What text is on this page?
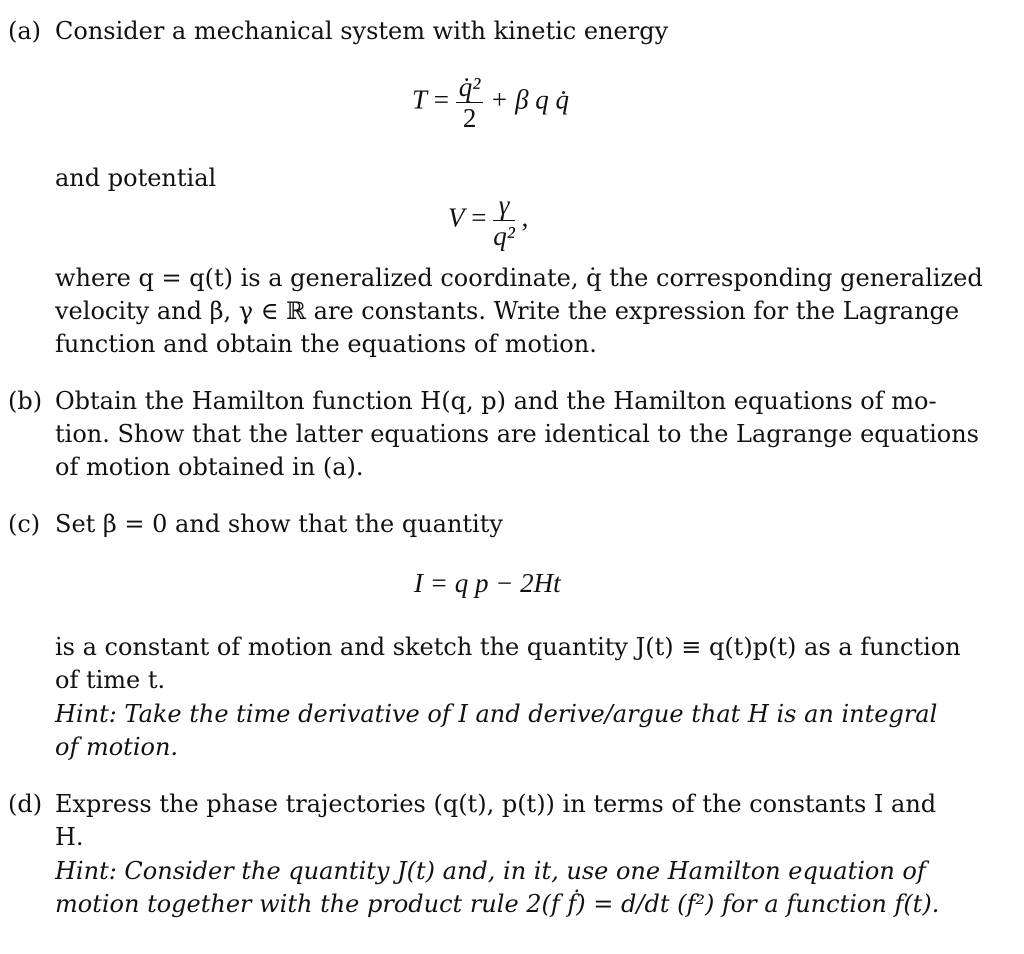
(a) Consider a mechanical system with kinetic energy
$T = \frac{\text{q̇²}}{2} + \beta$ q q̇
and potential
$V = \frac{\gamma}{\text{q²}}$ ,
where q = q(t) is a generalized coordinate, q̇ the corresponding generalized
velocity and β, γ ∈ ℝ are constants. Write the expression for the Lagrange
function and obtain the equations of motion.
(b) Obtain the Hamilton function H(q, p) and the Hamilton equations of mo-
tion. Show that the latter equations are identical to the Lagrange equations
of motion obtained in (a).
(c) Set β = 0 and show that the quantity
I = q p − 2Ht
is a constant of motion and sketch the quantity J(t) ≡ q(t)p(t) as a function
of time t.
Hint: Take the time derivative of I and derive/argue that H is an integral
of motion.
(d) Express the phase trajectories (q(t), p(t)) in terms of the constants I and
H.
Hint: Consider the quantity J(t) and, in it, use one Hamilton equation of
motion together with the product rule 2(f ḟ) = d/dt (f²) for a function f(t).
